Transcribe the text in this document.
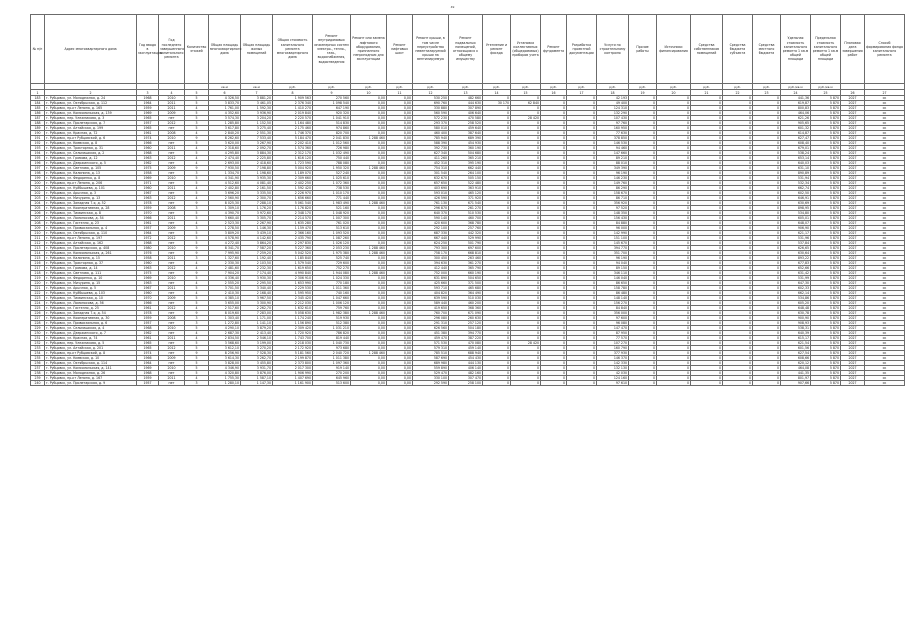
49
№ п/п	Адрес многоквартирного дома	Год ввода в эксплуатацию	Год последнего завершенного капитального ремонта	Количество этажей	Общая площадь многоквартирного дома	Общая площадь жилых помещений	Общая стоимость капитального ремонта многоквартирного дома	Ремонт внутридомовых инженерных систем электро-, тепло-, газо-, водоснабжения, водоотведения	Ремонт или замена лифтового оборудования, признанного непригодным для эксплуатации	Ремонт лифтовых шахт	Ремонт крыши, в том числе переустройство невентилируемой крыши на вентилируемую	Ремонт подвальных помещений, относящихся к общему имуществу	Утепление и ремонт фасада	Установка коллективных (общедомовых) приборов учета	Ремонт фундамента	Разработка проектной документации	Услуги по строительному контролю	Прочие работы	Источники финансирования	Средства собственников помещений	Средства бюджета субъекта	Средства местного бюджета	Удельная стоимость капитального ремонта 1 кв.м общей площади	Предельная стоимость капитального ремонта 1 кв.м общей площади	Плановая дата завершения работ	Способ формирования фонда капитального ремонта
					кв.м	кв.м	руб.	руб.	руб.	руб.	руб.	руб.	руб.	руб.	руб.	руб.	руб.	руб.	руб.	руб.	руб.	руб.	руб./кв.м	руб./кв.м		
1	2	3	4	5	6	7	8	9	10	11	12	13	14	15	16	17	18	19	20	21	22	23	24	25	26	27
183	г. Рубцовск, ул. Молодежная, д. 24	1968	2010	5	4 326,50	3 881,20	1 909 563	270 560	0,00	0,00	530 250	482 660	0	0	0	0	42 193	0	0	0	0	0	441,36	5 870	2027	ск
184	г. Рубцовск, ул. Октябрьская, д. 112	1964	2011	5	3 833,70	3 461,05	2 376 340	1 098 540	0,00	0,00	690 760	444 630	30 170	62 840	0	0	49 400	0	0	0	0	0	619,87	5 870	2027	ск
185	г. Рубцовск, пр-кт Ленина, д. 165	1959	2011	4	1 761,00	1 592,30	1 410 270	647 190	0,00	0,00	330 880	307 890	0	0	0	0	124 310	0	0	0	0	0	800,83	5 870	2027	ск
186	г. Рубцовск, ул. Комсомольская, д. 139	1969	2009	5	4 352,60	3 936,90	2 019 840	920 320	0,00	0,00	560 590	406 640	0	0	0	0	132 290	0	0	0	0	0	464,06	5 870	2027	ск
187	г. Рубцовск, пер. Улежникова, д. 3	1965	нет	5	3 574,30	3 204,20	2 220 570	1 041 910	0,00	0,00	572 230	470 580	0	28 420	0	0	107 430	0	0	0	0	0	621,26	5 870	2027	ск
188	г. Рубцовск, ул. Пролетарская, д. 7	1957	2012	3	1 285,80	1 152,50	1 164 480	514 830	0,00	0,00	293 370	258 520	0	0	0	0	97 760	0	0	0	0	0	905,65	5 870	2027	ск
189	г. Рубцовск, ул. Алтайская, д. 199	1965	нет	5	3 617,80	3 275,40	2 175 460	974 860	0,00	0,00	580 010	459 640	0	0	0	0	160 950	0	0	0	0	0	601,32	5 870	2027	ск
190	г. Рубцовск, ул. Красная, д. 72	1961	2008	4	2 840,20	2 551,30	1 746 370	820 700	0,00	0,00	460 400	387 640	0	0	0	0	77 630	0	0	0	0	0	614,87	5 870	2027	ск
191	г. Рубцовск, пр-кт Рубцовский, д. 6	1974	2010	9	8 262,60	7 533,40	5 184 470	2 041 830	1 288 460	0,00	785 940	689 390	0	0	0	0	378 850	0	0	0	0	0	627,47	5 870	2027	ск
192	г. Рубцовск, ул. Киевская, д. 8	1966	нет	5	3 620,00	3 267,90	2 202 410	1 012 560	0,00	0,00	588 390	454 930	0	0	0	0	146 530	0	0	0	0	0	608,40	5 870	2027	ск
193	г. Рубцовск, ул. Тракторная, д. 31	1960	2011	4	2 318,60	2 092,70	1 574 360	726 980	0,00	0,00	392 730	360 190	0	0	0	0	94 460	0	0	0	0	0	679,01	5 870	2027	ск
194	г. Рубцовск, ул. Сельмашская, д. 2	1968	нет	5	4 295,80	3 884,30	2 312 170	1 032 490	0,00	0,00	627 340	504 680	0	0	0	0	147 660	0	0	0	0	0	538,24	5 870	2027	ск
195	г. Рубцовск, ул. Громова, д. 12	1963	2012	4	2 474,40	2 225,80	1 616 120	750 440	0,00	0,00	411 260	365 210	0	0	0	0	89 210	0	0	0	0	0	653,14	5 870	2027	ск
196	г. Рубцовск, ул. Дзержинского, д. 5	1962	нет	4	2 693,00	2 418,60	1 723 590	788 080	0,00	0,00	452 310	395 190	0	0	0	0	88 010	0	0	0	0	0	640,03	5 870	2027	ск
197	г. Рубцовск, ул. Светлова, д. 105	1975	2009	9	7 930,50	7 198,80	5 004 920	1 950 320	1 288 460	0,00	754 310	662 440	0	0	0	0	349 390	0	0	0	0	0	631,10	5 870	2027	ск
198	г. Рубцовск, ул. Калинина, д. 13	1958	нет	3	1 334,70	1 198,60	1 189 070	527 240	0,00	0,00	301 540	264 100	0	0	0	0	96 190	0	0	0	0	0	890,89	5 870	2027	ск
199	г. Рубцовск, ул. Федоренко, д. 8	1969	2010	5	4 341,90	3 935,30	2 309 660	1 025 610	0,00	0,00	632 670	505 150	0	0	0	0	146 230	0	0	0	0	0	531,94	5 870	2027	ск
200	г. Рубцовск, пр-кт Ленина, д. 206	1971	нет	5	4 512,60	4 081,40	2 402 250	1 072 360	0,00	0,00	657 650	522 480	0	0	0	0	149 760	0	0	0	0	0	532,34	5 870	2027	ск
201	г. Рубцовск, ул. Куйбышева, д. 101	1960	2011	4	2 402,80	2 161,50	1 592 420	738 530	0,00	0,00	403 690	363 910	0	0	0	0	86 290	0	0	0	0	0	662,74	5 870	2027	ск
202	г. Рубцовск, ул. Арычная, д. 3	1967	нет	5	3 696,20	3 335,50	2 226 970	1 010 170	0,00	0,00	593 010	465 120	0	0	0	0	158 670	0	0	0	0	0	602,50	5 870	2027	ск
203	г. Рубцовск, ул. Мичурина, д. 13	1963	2012	4	2 560,90	2 300,70	1 656 660	771 440	0,00	0,00	426 590	371 920	0	0	0	0	86 710	0	0	0	0	0	646,91	5 870	2027	ск
204	г. Рубцовск, ул. Западная 7-я, д. 52	1978	нет	9	8 025,30	7 288,10	5 061 540	1 983 490	1 288 460	0,00	761 130	671 540	0	0	0	0	356 920	0	0	0	0	0	630,69	5 870	2027	ск
205	г. Рубцовск, ул. Кооперативная, д. 28	1959	2008	3	1 309,10	1 176,20	1 176 820	521 160	0,00	0,00	296 870	261 270	0	0	0	0	97 520	0	0	0	0	0	898,95	5 870	2027	ск
206	г. Рубцовск, ул. Тихвинская, д. 8	1970	нет	5	4 390,70	3 972,60	2 348 170	1 048 920	0,00	0,00	640 370	510 530	0	0	0	0	148 350	0	0	0	0	0	534,80	5 870	2027	ск
207	г. Рубцовск, ул. Ломоносова, д. 54	1966	2011	5	3 660,40	3 305,70	2 214 570	1 007 300	0,00	0,00	590 140	460 700	0	0	0	0	156 430	0	0	0	0	0	605,01	5 870	2027	ск
208	г. Рубцовск, ул. Гастелло, д. 23	1961	нет	4	2 523,30	2 267,90	1 635 280	761 020	0,00	0,00	420 600	368 780	0	0	0	0	84 880	0	0	0	0	0	648,07	5 870	2027	ск
209	г. Рубцовск, ул. Привокзальная, д. 4	1957	2009	3	1 278,50	1 146,30	1 159 470	513 610	0,00	0,00	292 100	257 760	0	0	0	0	96 000	0	0	0	0	0	906,90	5 870	2027	ск
210	г. Рубцовск, ул. Октябрьская, д. 110	1964	нет	5	3 809,20	3 439,10	2 366 160	1 093 520	0,00	0,00	687 330	442 320	0	0	0	0	142 990	0	0	0	0	0	621,17	5 870	2027	ск
211	г. Рубцовск, пр-кт Ленина, д. 197	1972	2012	5	4 578,90	4 142,60	2 435 790	1 087 260	0,00	0,00	667 440	529 990	0	0	0	0	151 100	0	0	0	0	0	531,96	5 870	2027	ск
212	г. Рубцовск, ул. Алтайская, д. 162	1968	нет	5	4 272,40	3 864,20	2 297 830	1 026 120	0,00	0,00	624 250	501 790	0	0	0	0	145 670	0	0	0	0	0	537,84	5 870	2027	ск
213	г. Рубцовск, ул. Пролетарская, д. 408	1980	2010	9	8 341,70	7 587,20	5 227 360	2 053 230	1 288 460	0,00	793 300	697 600	0	0	0	0	394 770	0	0	0	0	0	626,65	5 870	2027	ск
214	г. Рубцовск, ул. Комсомольская, д. 261	1976	нет	9	7 995,90	7 259,20	5 042 520	1 975 380	1 288 460	0,00	758 170	668 810	0	0	0	0	351 700	0	0	0	0	0	630,64	5 870	2027	ск
215	г. Рубцовск, ул. Калинина, д. 15	1958	2011	3	1 327,60	1 192,40	1 185 840	525 740	0,00	0,00	300 450	263 460	0	0	0	0	96 190	0	0	0	0	0	893,22	5 870	2027	ск
216	г. Рубцовск, ул. Тракторная, д. 37	1960	нет	4	2 330,30	2 103,50	1 579 540	729 600	0,00	0,00	394 630	361 270	0	0	0	0	94 040	0	0	0	0	0	677,83	5 870	2027	ск
217	г. Рубцовск, ул. Громова, д. 14	1963	2012	4	2 481,60	2 232,30	1 619 650	752 270	0,00	0,00	412 440	365 790	0	0	0	0	89 150	0	0	0	0	0	652,66	5 870	2027	ск
218	г. Рубцовск, ул. Светлова, д. 111	1975	нет	9	7 904,20	7 174,40	4 990 840	1 944 080	1 288 460	0,00	752 000	660 190	0	0	0	0	346 110	0	0	0	0	0	631,42	5 870	2027	ск
219	г. Рубцовск, ул. Федоренко, д. 10	1969	2010	5	4 336,40	3 930,30	2 306 910	1 024 330	0,00	0,00	631 890	504 650	0	0	0	0	146 040	0	0	0	0	0	531,99	5 870	2027	ск
220	г. Рубцовск, ул. Мичурина, д. 15	1963	нет	4	2 555,20	2 295,50	1 653 990	770 180	0,00	0,00	425 660	371 500	0	0	0	0	86 650	0	0	0	0	0	647,30	5 870	2027	ск
221	г. Рубцовск, ул. Арычная, д. 5	1967	2011	5	3 701,50	3 340,40	2 229 530	1 011 360	0,00	0,00	593 710	465 680	0	0	0	0	158 780	0	0	0	0	0	602,33	5 870	2027	ск
222	г. Рубцовск, ул. Куйбышева, д. 103	1960	нет	4	2 410,30	2 168,40	1 595 950	740 160	0,00	0,00	404 820	364 490	0	0	0	0	86 480	0	0	0	0	0	662,14	5 870	2027	ск
223	г. Рубцовск, ул. Тихвинская, д. 10	1970	2009	5	4 385,10	3 967,50	2 345 420	1 047 660	0,00	0,00	639 590	510 030	0	0	0	0	148 140	0	0	0	0	0	534,86	5 870	2027	ск
224	г. Рубцовск, ул. Ломоносова, д. 56	1966	нет	5	3 655,00	3 300,90	2 212 030	1 006 120	0,00	0,00	589 440	460 200	0	0	0	0	156 270	0	0	0	0	0	605,20	5 870	2027	ск
225	г. Рубцовск, ул. Гастелло, д. 25	1961	2012	4	2 517,60	2 262,70	1 632 610	759 760	0,00	0,00	419 650	368 360	0	0	0	0	84 840	0	0	0	0	0	648,48	5 870	2027	ск
226	г. Рубцовск, ул. Западная 7-я, д. 54	1978	нет	9	8 019,60	7 283,00	5 058 630	1 982 380	1 288 460	0,00	760 700	671 090	0	0	0	0	356 000	0	0	0	0	0	630,78	5 870	2027	ск
227	г. Рубцовск, ул. Кооперативная, д. 30	1959	2008	3	1 303,40	1 171,00	1 174 240	519 930	0,00	0,00	296 080	260 630	0	0	0	0	97 600	0	0	0	0	0	900,90	5 870	2027	ск
228	г. Рубцовск, ул. Привокзальная, д. 6	1957	нет	3	1 272,80	1 141,10	1 156 890	512 380	0,00	0,00	291 310	257 120	0	0	0	0	96 080	0	0	0	0	0	908,93	5 870	2027	ск
229	г. Рубцовск, ул. Сельмашская, д. 4	1968	2010	5	4 290,10	3 879,20	2 309 420	1 031 210	0,00	0,00	626 560	504 180	0	0	0	0	147 470	0	0	0	0	0	538,31	5 870	2027	ск
230	г. Рубцовск, ул. Дзержинского, д. 7	1962	нет	4	2 687,30	2 413,40	1 720 920	786 820	0,00	0,00	451 380	394 770	0	0	0	0	87 950	0	0	0	0	0	640,39	5 870	2027	ск
231	г. Рубцовск, ул. Красная, д. 74	1961	2011	4	2 834,50	2 546,10	1 743 700	819 440	0,00	0,00	459 470	387 220	0	0	0	0	77 570	0	0	0	0	0	615,17	5 870	2027	ск
232	г. Рубцовск, пер. Улежникова, д. 5	1965	нет	5	3 568,60	3 199,00	2 218 030	1 040 730	0,00	0,00	571 530	470 080	0	28 420	0	0	107 270	0	0	0	0	0	621,54	5 870	2027	ск
233	г. Рубцовск, ул. Алтайская, д. 201	1965	2012	5	3 612,10	3 270,20	2 172 920	973 680	0,00	0,00	579 310	459 140	0	0	0	0	160 790	0	0	0	0	0	601,56	5 870	2027	ск
234	г. Рубцовск, пр-кт Рубцовский, д. 8	1974	нет	9	8 256,90	7 528,30	5 181 560	2 040 720	1 288 460	0,00	785 510	688 940	0	0	0	0	377 930	0	0	0	0	0	627,54	5 870	2027	ск
235	г. Рубцовск, ул. Киевская, д. 10	1966	2009	5	3 614,30	3 262,70	2 199 870	1 011 380	0,00	0,00	587 690	454 430	0	0	0	0	146 370	0	0	0	0	0	608,66	5 870	2027	ск
236	г. Рубцовск, ул. Октябрьская, д. 114	1964	нет	5	3 828,00	3 455,80	2 373 800	1 097 360	0,00	0,00	689 980	444 130	0	0	0	0	142 330	0	0	0	0	0	620,12	5 870	2027	ск
237	г. Рубцовск, ул. Комсомольская, д. 141	1969	2010	5	4 346,90	3 931,70	2 017 300	919 140	0,00	0,00	559 890	406 140	0	0	0	0	132 130	0	0	0	0	0	464,08	5 870	2027	ск
238	г. Рубцовск, ул. Молодежная, д. 26	1968	нет	5	4 320,80	3 876,00	1 906 990	270 200	0,00	0,00	529 470	482 160	0	0	0	0	42 030	0	0	0	0	0	441,35	5 870	2027	ск
239	г. Рубцовск, пр-кт Ленина, д. 167	1959	2011	4	1 755,30	1 587,10	1 407 690	645 960	0,00	0,00	330 100	307 470	0	0	0	0	124 160	0	0	0	0	0	801,97	5 870	2027	ск
240	г. Рубцовск, ул. Пролетарская, д. 9	1957	нет	3	1 280,10	1 147,30	1 161 900	513 600	0,00	0,00	292 590	258 100	0	0	0	0	97 610	0	0	0	0	0	907,66	5 870	2027	ск
